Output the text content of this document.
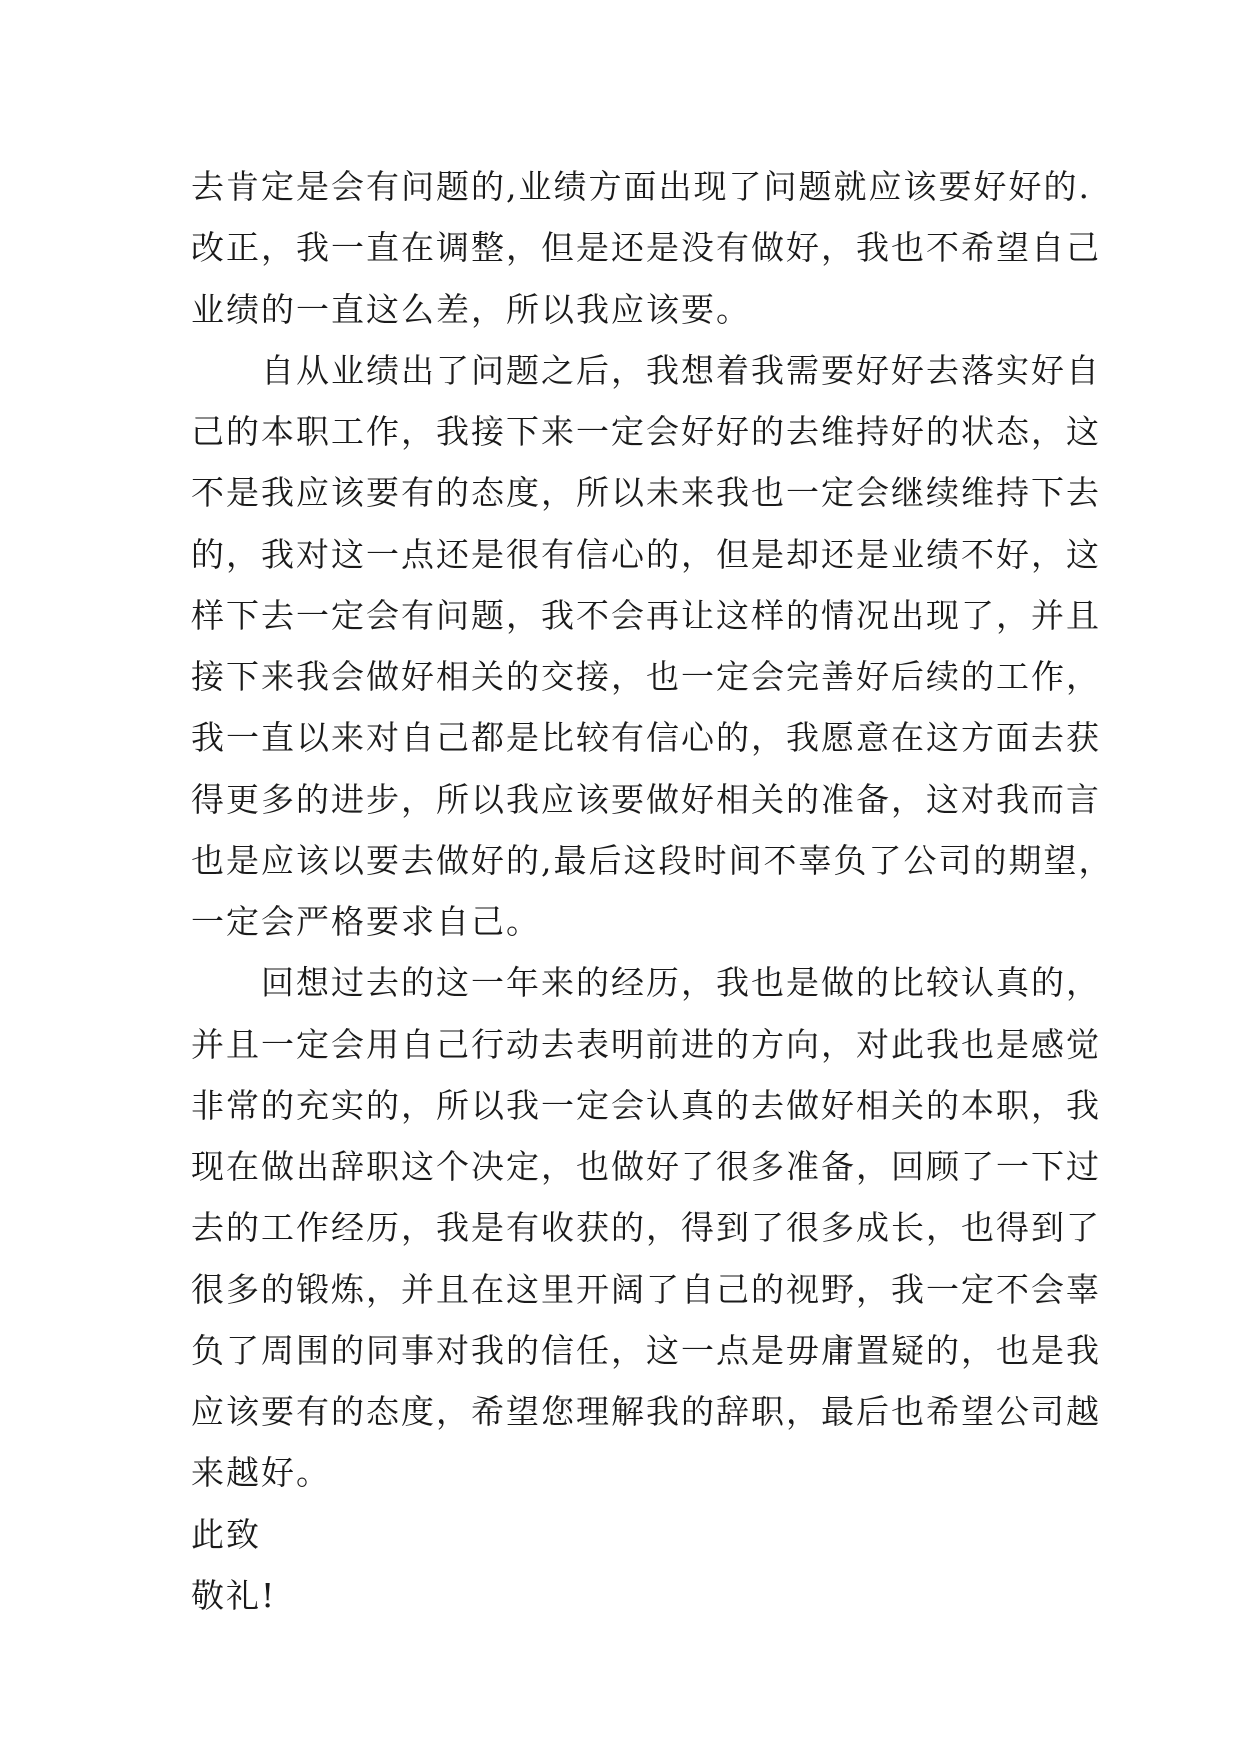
去肯定是会有问题的,业绩方面出现了问题就应该要好好的.
改正，我一直在调整，但是还是没有做好，我也不希望自己
业绩的一直这么差，所以我应该要。
自从业绩出了问题之后，我想着我需要好好去落实好自
己的本职工作，我接下来一定会好好的去维持好的状态，这
不是我应该要有的态度，所以未来我也一定会继续维持下去
的，我对这一点还是很有信心的，但是却还是业绩不好，这
样下去一定会有问题，我不会再让这样的情况出现了，并且
接下来我会做好相关的交接，也一定会完善好后续的工作，
我一直以来对自己都是比较有信心的，我愿意在这方面去获
得更多的进步，所以我应该要做好相关的准备，这对我而言
也是应该以要去做好的,最后这段时间不辜负了公司的期望，
一定会严格要求自己。
回想过去的这一年来的经历，我也是做的比较认真的，
并且一定会用自己行动去表明前进的方向，对此我也是感觉
非常的充实的，所以我一定会认真的去做好相关的本职，我
现在做出辞职这个决定，也做好了很多准备，回顾了一下过
去的工作经历，我是有收获的，得到了很多成长，也得到了
很多的锻炼，并且在这里开阔了自己的视野，我一定不会辜
负了周围的同事对我的信任，这一点是毋庸置疑的，也是我
应该要有的态度，希望您理解我的辞职，最后也希望公司越
来越好。
此致
敬礼!
